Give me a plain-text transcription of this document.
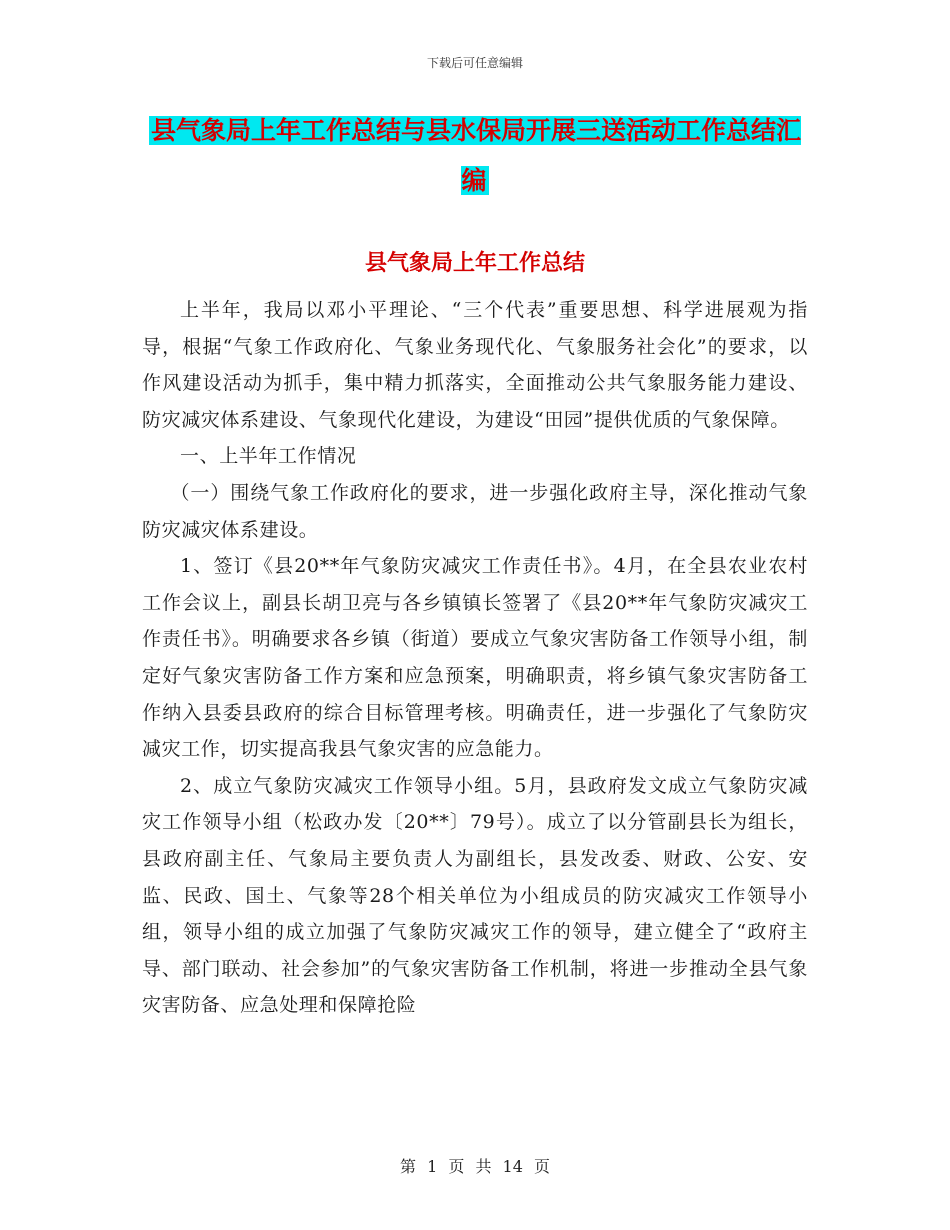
下载后可任意编辑
县气象局上年工作总结与县水保局开展三送活动工作总结汇编
县气象局上年工作总结

上半年，我局以邓小平理论、“三个代表”重要思想、科学进展观为指导，根据“气象工作政府化、气象业务现代化、气象服务社会化”的要求，以作风建设活动为抓手，集中精力抓落实，全面推动公共气象服务能力建设、防灾减灾体系建设、气象现代化建设，为建设“田园”提供优质的气象保障。

一、上半年工作情况

（一）围绕气象工作政府化的要求，进一步强化政府主导，深化推动气象防灾减灾体系建设。

1、签订《县20**年气象防灾减灾工作责任书》。4月，在全县农业农村工作会议上，副县长胡卫亮与各乡镇镇长签署了《县20**年气象防灾减灾工作责任书》。明确要求各乡镇（街道）要成立气象灾害防备工作领导小组，制定好气象灾害防备工作方案和应急预案，明确职责，将乡镇气象灾害防备工作纳入县委县政府的综合目标管理考核。明确责任，进一步强化了气象防灾减灾工作，切实提高我县气象灾害的应急能力。

2、成立气象防灾减灾工作领导小组。5月，县政府发文成立气象防灾减灾工作领导小组（松政办发〔20**〕79号）。成立了以分管副县长为组长，县政府副主任、气象局主要负责人为副组长，县发改委、财政、公安、安监、民政、国土、气象等28个相关单位为小组成员的防灾减灾工作领导小组，领导小组的成立加强了气象防灾减灾工作的领导，建立健全了“政府主导、部门联动、社会参加”的气象灾害防备工作机制，将进一步推动全县气象灾害防备、应急处理和保障抢险

第 1 页 共 14 页
